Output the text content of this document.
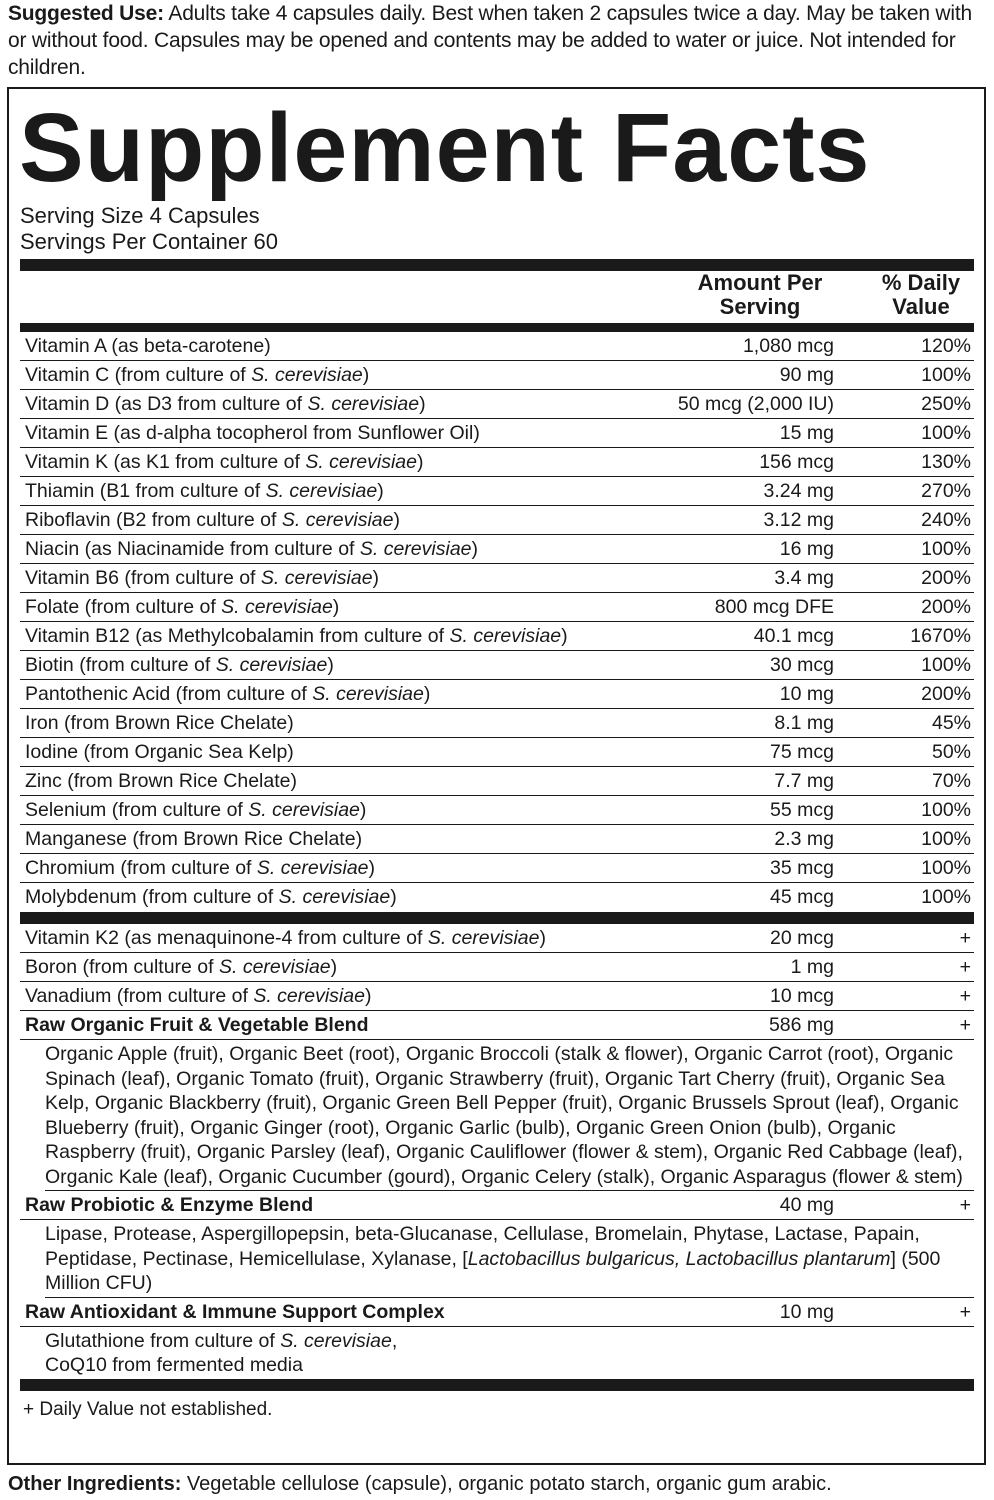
Suggested Use: Adults take 4 capsules daily. Best when taken 2 capsules twice a day. May be taken with or without food. Capsules may be opened and contents may be added to water or juice. Not intended for children.
Supplement Facts
Serving Size 4 Capsules
Servings Per Container 60
Amount Per
Serving
% Daily
Value
Vitamin A (as beta-carotene)	1,080 mcg	120%
Vitamin C (from culture of S. cerevisiae)	90 mg	100%
Vitamin D (as D3 from culture of S. cerevisiae)	50 mcg (2,000 IU)	250%
Vitamin E (as d-alpha tocopherol from Sunflower Oil)	15 mg	100%
Vitamin K (as K1 from culture of S. cerevisiae)	156 mcg	130%
Thiamin (B1 from culture of S. cerevisiae)	3.24 mg	270%
Riboflavin (B2 from culture of S. cerevisiae)	3.12 mg	240%
Niacin (as Niacinamide from culture of S. cerevisiae)	16 mg	100%
Vitamin B6 (from culture of S. cerevisiae)	3.4 mg	200%
Folate (from culture of S. cerevisiae)	800 mcg DFE	200%
Vitamin B12 (as Methylcobalamin from culture of S. cerevisiae)	40.1 mcg	1670%
Biotin (from culture of S. cerevisiae)	30 mcg	100%
Pantothenic Acid (from culture of S. cerevisiae)	10 mg	200%
Iron (from Brown Rice Chelate)	8.1 mg	45%
Iodine (from Organic Sea Kelp)	75 mcg	50%
Zinc (from Brown Rice Chelate)	7.7 mg	70%
Selenium (from culture of S. cerevisiae)	55 mcg	100%
Manganese (from Brown Rice Chelate)	2.3 mg	100%
Chromium (from culture of S. cerevisiae)	35 mcg	100%
Molybdenum (from culture of S. cerevisiae)	45 mcg	100%
Vitamin K2 (as menaquinone-4 from culture of S. cerevisiae)	20 mcg	+
Boron (from culture of S. cerevisiae)	1 mg	+
Vanadium (from culture of S. cerevisiae)	10 mcg	+
Raw Organic Fruit & Vegetable Blend	586 mg	+
Organic Apple (fruit), Organic Beet (root), Organic Broccoli (stalk & flower), Organic Carrot (root), Organic Spinach (leaf), Organic Tomato (fruit), Organic Strawberry (fruit), Organic Tart Cherry (fruit), Organic Sea Kelp, Organic Blackberry (fruit), Organic Green Bell Pepper (fruit), Organic Brussels Sprout (leaf), Organic Blueberry (fruit), Organic Ginger (root), Organic Garlic (bulb), Organic Green Onion (bulb), Organic Raspberry (fruit), Organic Parsley (leaf), Organic Cauliflower (flower & stem), Organic Red Cabbage (leaf), Organic Kale (leaf), Organic Cucumber (gourd), Organic Celery (stalk), Organic Asparagus (flower & stem)
Raw Probiotic & Enzyme Blend	40 mg	+
Lipase, Protease, Aspergillopepsin, beta-Glucanase, Cellulase, Bromelain, Phytase, Lactase, Papain, Peptidase, Pectinase, Hemicellulase, Xylanase, [Lactobacillus bulgaricus, Lactobacillus plantarum] (500 Million CFU)
Raw Antioxidant & Immune Support Complex	10 mg	+
Glutathione from culture of S. cerevisiae,
CoQ10 from fermented media
+ Daily Value not established.
Other Ingredients: Vegetable cellulose (capsule), organic potato starch, organic gum arabic.
